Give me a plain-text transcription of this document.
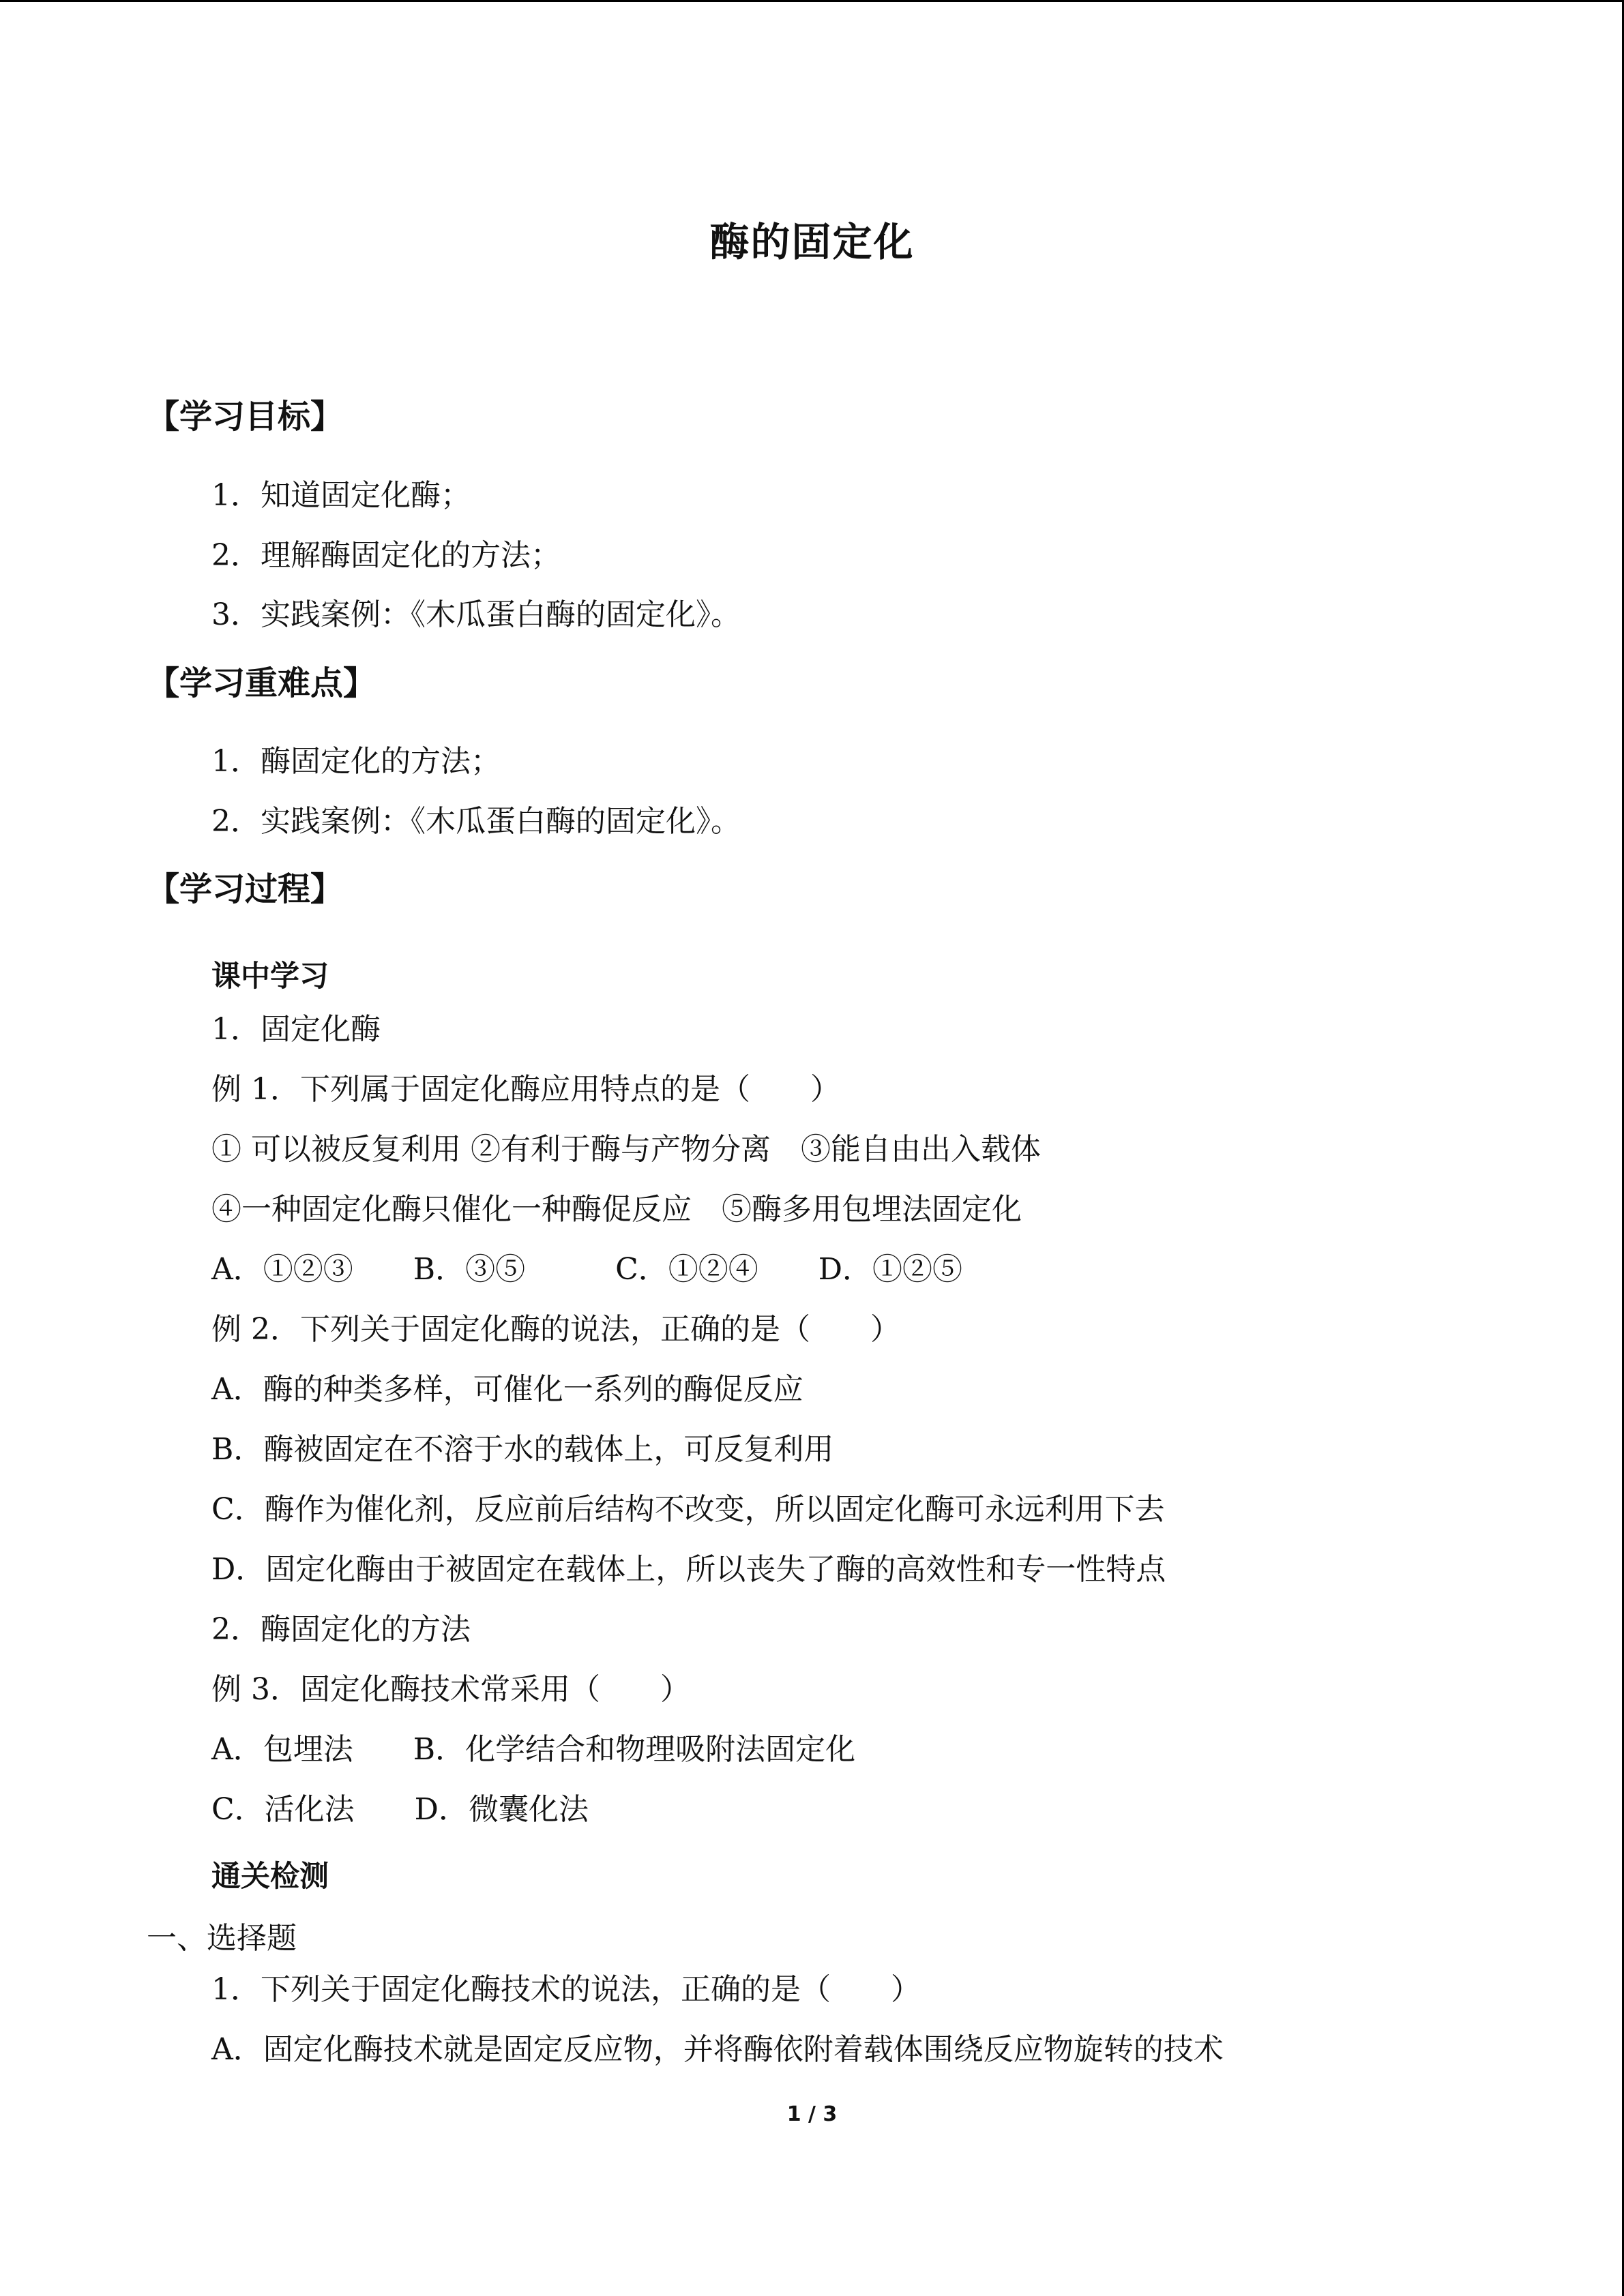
酶的固定化
【学习目标】
1．知道固定化酶；
2．理解酶固定化的方法；
3．实践案例：《木瓜蛋白酶的固定化》。
【学习重难点】
1．酶固定化的方法；
2．实践案例：《木瓜蛋白酶的固定化》。
【学习过程】
课中学习
1．固定化酶
例 1．下列属于固定化酶应用特点的是（　　）
① 可以被反复利用 ②有利于酶与产物分离　③能自由出入载体
④一种固定化酶只催化一种酶促反应　⑤酶多用包埋法固定化
A．①②③　　B．③⑤　　　C．①②④　　D．①②⑤
例 2．下列关于固定化酶的说法，正确的是（　　）
A．酶的种类多样，可催化一系列的酶促反应
B．酶被固定在不溶于水的载体上，可反复利用
C．酶作为催化剂，反应前后结构不改变，所以固定化酶可永远利用下去
D．固定化酶由于被固定在载体上，所以丧失了酶的高效性和专一性特点
2．酶固定化的方法
例 3．固定化酶技术常采用（　　）
A．包埋法　　B．化学结合和物理吸附法固定化
C．活化法　　D．微囊化法
通关检测
一、选择题
1．下列关于固定化酶技术的说法，正确的是（　　）
A．固定化酶技术就是固定反应物，并将酶依附着载体围绕反应物旋转的技术
1 / 3
